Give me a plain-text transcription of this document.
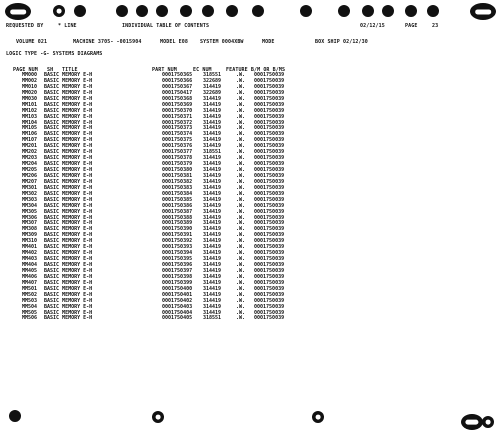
REQUESTED BY	* LINE	INDIVIDUAL TABLE OF CONTENTS	02/12/15	PAGE	23
VOLUME 021	MACHINE 3705- -0015904	MODEL E08 SYSTEM 0004XBW	MODE	BOX SHIP 02/12/30
LOGIC TYPE -G- SYSTEMS DIAGRAMS
PAGE NUM SH TITLE	PART NUM	EC NUM	FEATURE B/M OR B/MS
MM000 BASIC MEMORY E-H	0001750365 318551	.W. 0001750039
MM002 BASIC MEMORY E-H	0001750366 322689	.W. 0001750039
MM010 BASIC MEMORY E-H	0001750367 314419	.W. 0001750039
MM020 BASIC MEMORY E-H	0001750417 322689	.W. 0001750039
MM030 BASIC MEMORY E-H	0001750368 314419	.W. 0001750039
MM101 BASIC MEMORY E-H	0001750369 314419	.W. 0001750039
MM102 BASIC MEMORY E-H	0001750370 314419	.W. 0001750039
MM103 BASIC MEMORY E-H	0001750371 314419	.W. 0001750039
MM104 BASIC MEMORY E-H	0001750372 314419	.W. 0001750039
MM105 BASIC MEMORY E-H	0001750373 314419	.W. 0001750039
MM106 BASIC MEMORY E-H	0001750374 314419	.W. 0001750039
MM107 BASIC MEMORY E-H	0001750375 314419	.W. 0001750039
MM201 BASIC MEMORY E-H	0001750376 314419	.W. 0001750039
MM202 BASIC MEMORY E-H	0001750377 318551	.W. 0001750039
MM203 BASIC MEMORY E-H	0001750378 314419	.W. 0001750039
MM204 BASIC MEMORY E-H	0001750379 314419	.W. 0001750039
MM205 BASIC MEMORY E-H	0001750380 314419	.W. 0001750039
MM206 BASIC MEMORY E-H	0001750381 314419	.W. 0001750039
MM207 BASIC MEMORY E-H	0001750382 314419	.W. 0001750039
MM301 BASIC MEMORY E-H	0001750383 314419	.W. 0001750039
MM302 BASIC MEMORY E-H	0001750384 314419	.W. 0001750039
MM303 BASIC MEMORY E-H	0001750385 314419	.W. 0001750039
MM304 BASIC MEMORY E-H	0001750386 314419	.W. 0001750039
MM305 BASIC MEMORY E-H	0001750387 314419	.W. 0001750039
MM306 BASIC MEMORY E-H	0001750388 314419	.W. 0001750039
MM307 BASIC MEMORY E-H	0001750389 314419	.W. 0001750039
MM308 BASIC MEMORY E-H	0001750390 314419	.W. 0001750039
MM309 BASIC MEMORY E-H	0001750391 314419	.W. 0001750039
MM310 BASIC MEMORY E-H	0001750392 314419	.W. 0001750039
MM401 BASIC MEMORY E-H	0001750393 314419	.W. 0001750039
MM402 BASIC MEMORY E-H	0001750394 314419	.W. 0001750039
MM403 BASIC MEMORY E-H	0001750395 314419	.W. 0001750039
MM404 BASIC MEMORY E-H	0001750396 314419	.W. 0001750039
MM405 BASIC MEMORY E-H	0001750397 314419	.W. 0001750039
MM406 BASIC MEMORY E-H	0001750398 314419	.W. 0001750039
MM407 BASIC MEMORY E-H	0001750399 314419	.W. 0001750039
MM501 BASIC MEMORY E-H	0001750400 314419	.W. 0001750039
MM502 BASIC MEMORY E-H	0001750401 314419	.W. 0001750039
MM503 BASIC MEMORY E-H	0001750402 314419	.W. 0001750039
MM504 BASIC MEMORY E-H	0001750403 314419	.W. 0001750039
MM505 BASIC MEMORY E-H	0001750404 314419	.W. 0001750039
MM506 BASIC MEMORY E-H	0001750405 318551	.W. 0001750039
